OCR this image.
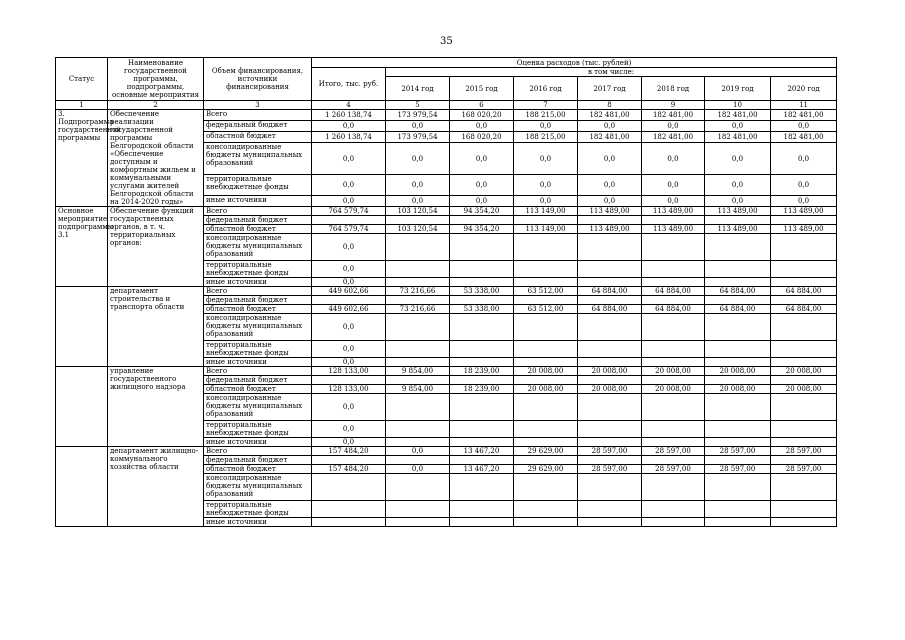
35
Статус	Наименование государственной программы, подпрограммы, основные мероприятия	Объем финансирования, источники финансирования	Оценка расходов (тыс. рублей)							
			Итого, тыс. руб.	в том числе:						
				2014 год	2015 год	2016 год	2017 год	2018 год	2019 год	2020 год
1	2	3	4	5	6	7	8	9	10	11
3. Подпрограмма государственной программы	Обеспечение реализации государственной программы Белгородской области «Обеспечение доступным и комфортным жильем и коммунальными услугами жителей Белгородской области на 2014-2020 годы»	Всего	1 260 138,74	173 979,54	168 020,20	188 215,00	182 481,00	182 481,00	182 481,00	182 481,00
		федеральный бюджет	0,0	0,0	0,0	0,0	0,0	0,0	0,0	0,0
		областной бюджет	1 260 138,74	173 979,54	168 020,20	188 215,00	182 481,00	182 481,00	182 481,00	182 481,00
		консолидированные бюджеты муниципальных образований	0,0	0,0	0,0	0,0	0,0	0,0	0,0	0,0
		территориальные внебюджетные фонды	0,0	0,0	0,0	0,0	0,0	0,0	0,0	0,0
		иные источники	0,0	0,0	0,0	0,0	0,0	0,0	0,0	0,0
Основное мероприятие подпрограммы 3.1	Обеспечение функций государственных органов, в т. ч. территориальных органов:	Всего	764 579,74	103 120,54	94 354,20	113 149,00	113 489,00	113 489,00	113 489,00	113 489,00
		федеральный бюджет								
		областной бюджет	764 579,74	103 120,54	94 354,20	113 149,00	113 489,00	113 489,00	113 489,00	113 489,00
		консолидированные бюджеты муниципальных образований	0,0							
		территориальные внебюджетные фонды	0,0							
		иные источники	0,0							
	департамент строительства и транспорта области	Всего	449 602,66	73 216,66	53 338,00	63 512,00	64 884,00	64 884,00	64 884,00	64 884,00
		федеральный бюджет								
		областной бюджет	449 602,66	73 216,66	53 338,00	63 512,00	64 884,00	64 884,00	64 884,00	64 884,00
		консолидированные бюджеты муниципальных образований	0,0							
		территориальные внебюджетные фонды	0,0							
		иные источники	0,0							
	управление государственного жилищного надзора	Всего	128 133,00	9 854,00	18 239,00	20 008,00	20 008,00	20 008,00	20 008,00	20 008,00
		федеральный бюджет								
		областной бюджет	128 133,00	9 854,00	18 239,00	20 008,00	20 008,00	20 008,00	20 008,00	20 008,00
		консолидированные бюджеты муниципальных образований	0,0							
		территориальные внебюджетные фонды	0,0							
		иные источники	0,0							
	департамент жилищно-коммунального хозяйства области	Всего	157 484,20	0,0	13 467,20	29 629,00	28 597,00	28 597,00	28 597,00	28 597,00
		федеральный бюджет								
		областной бюджет	157 484,20	0,0	13 467,20	29 629,00	28 597,00	28 597,00	28 597,00	28 597,00
		консолидированные бюджеты муниципальных образований								
		территориальные внебюджетные фонды								
		иные источники								
